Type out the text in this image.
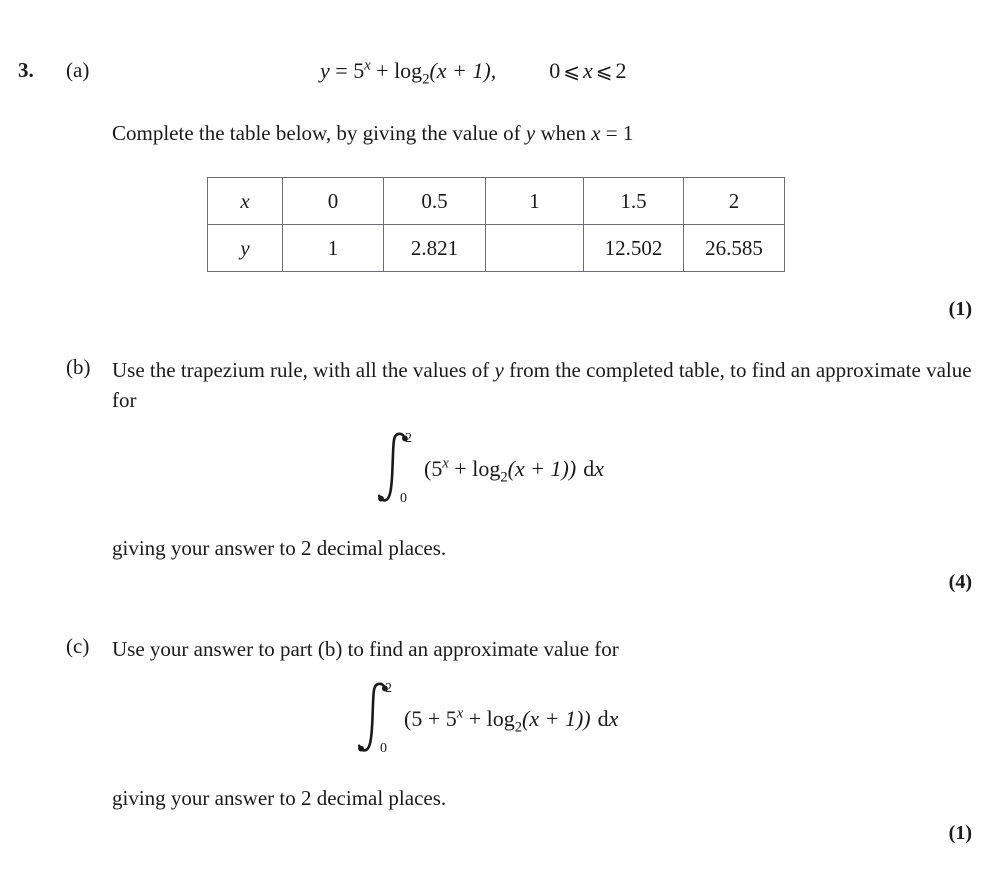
3. (a)	$y = 5^x + \log_2(x + 1)$, 0 ⩽ x ⩽ 2
Complete the table below, by giving the value of y when x = 1
x	0	0.5	1	1.5	2
y	1	2.821		12.502	26.585
(1)
(b) Use the trapezium rule, with all the values of y from the completed table, to find an approximate value for
2
0
$(5^x + \log_2(x + 1))$ dx
giving your answer to 2 decimal places.
(4)
(c) Use your answer to part (b) to find an approximate value for
2
0
$(5 + 5^x + \log_2(x + 1))$ dx
giving your answer to 2 decimal places.
(1)
